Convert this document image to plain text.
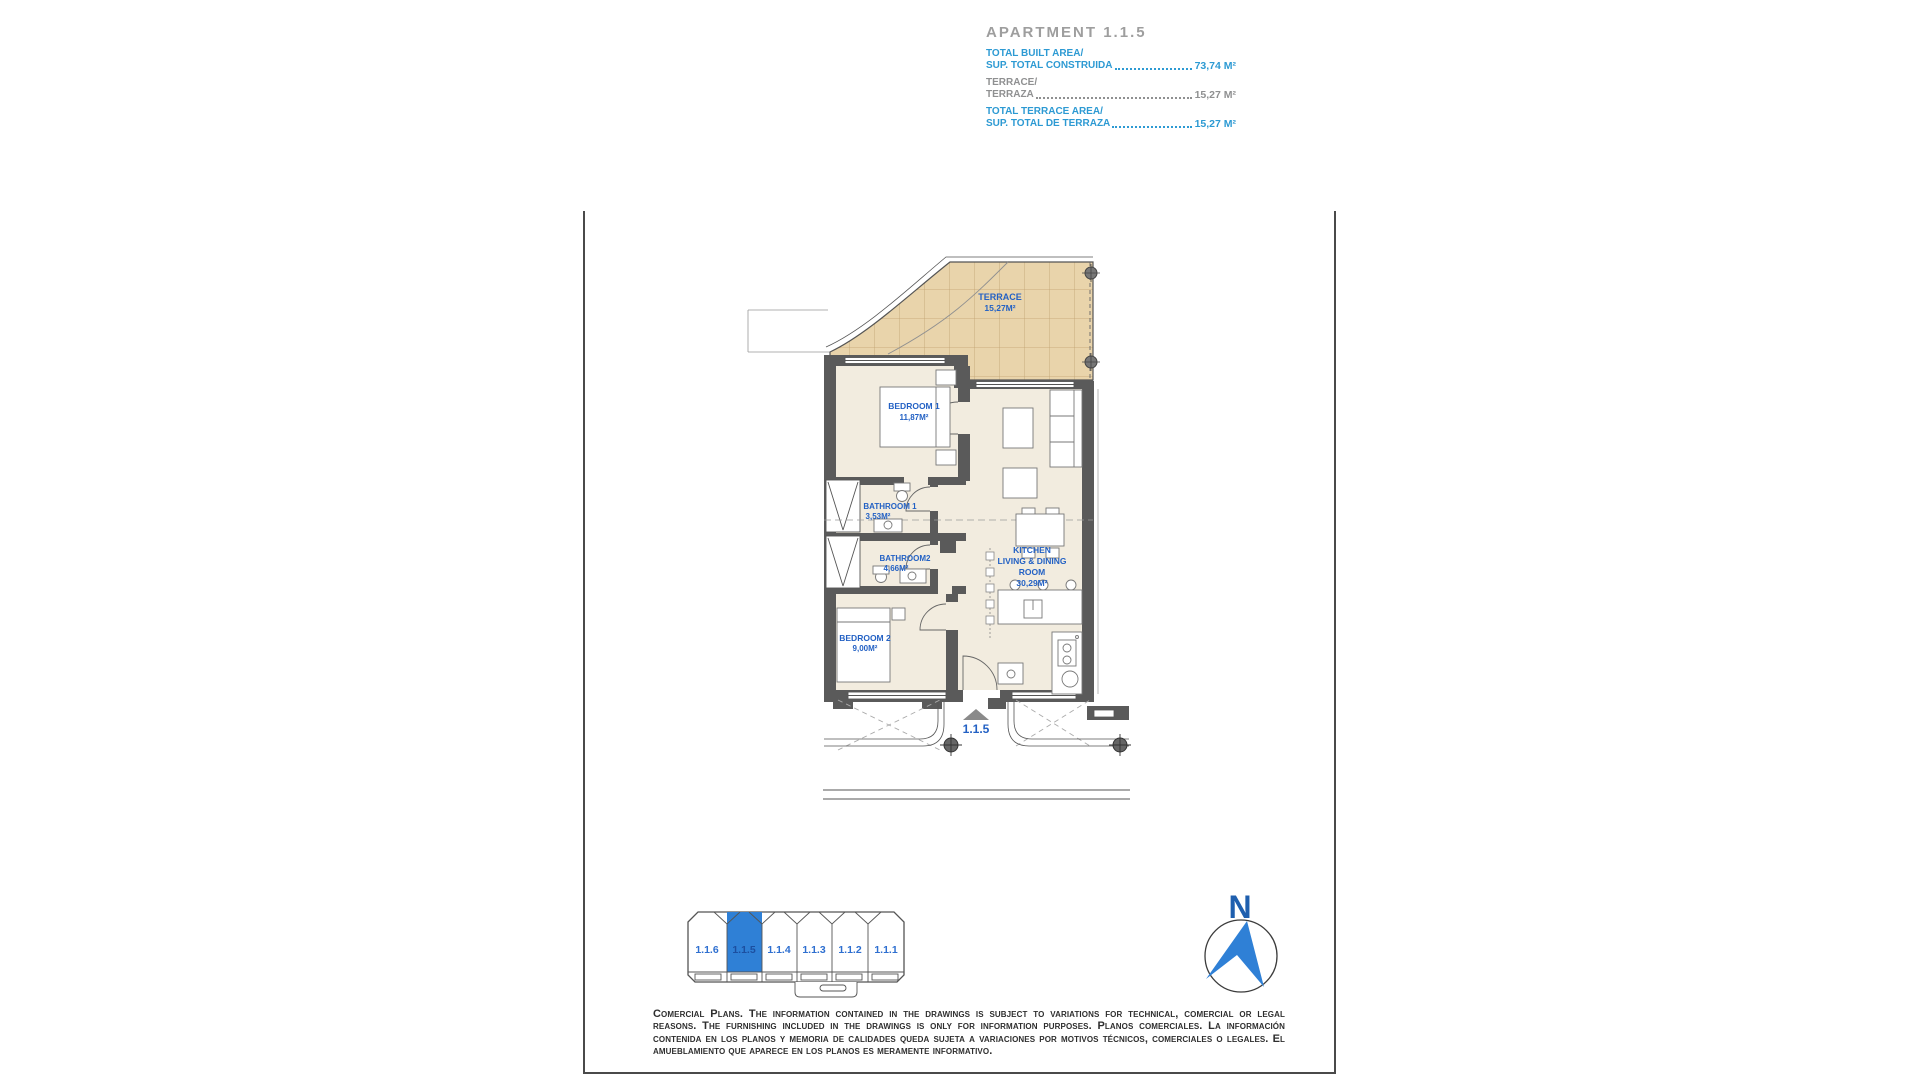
APARTMENT 1.1.5
TOTAL BUILT AREA/
SUP. TOTAL CONSTRUIDA	73,74 M²
TERRACE/
TERRAZA	15,27 M²
TOTAL TERRACE AREA/
SUP. TOTAL DE TERRAZA	15,27 M²
1.1.5
TERRACE
15,27M²
BEDROOM 1
11,87M²
BATHROOM 1
3,53M²
BATHROOM2
4,66M²
BEDROOM 2
9,00M²
KITCHEN
LIVING & DINING
ROOM
30,29M²
1.1.6 1.1.5 1.1.4 1.1.3 1.1.2 1.1.1
N

Comercial Plans. The information contained in the drawings is subject to variations for technical, comercial or legal reasons. The furnishing included in the drawings is only for information purposes. Planos comerciales. La información contenida en los planos y memoria de calidades queda sujeta a variaciones por motivos técnicos, comerciales o legales. El amueblamiento que aparece en los planos es meramente informativo.
